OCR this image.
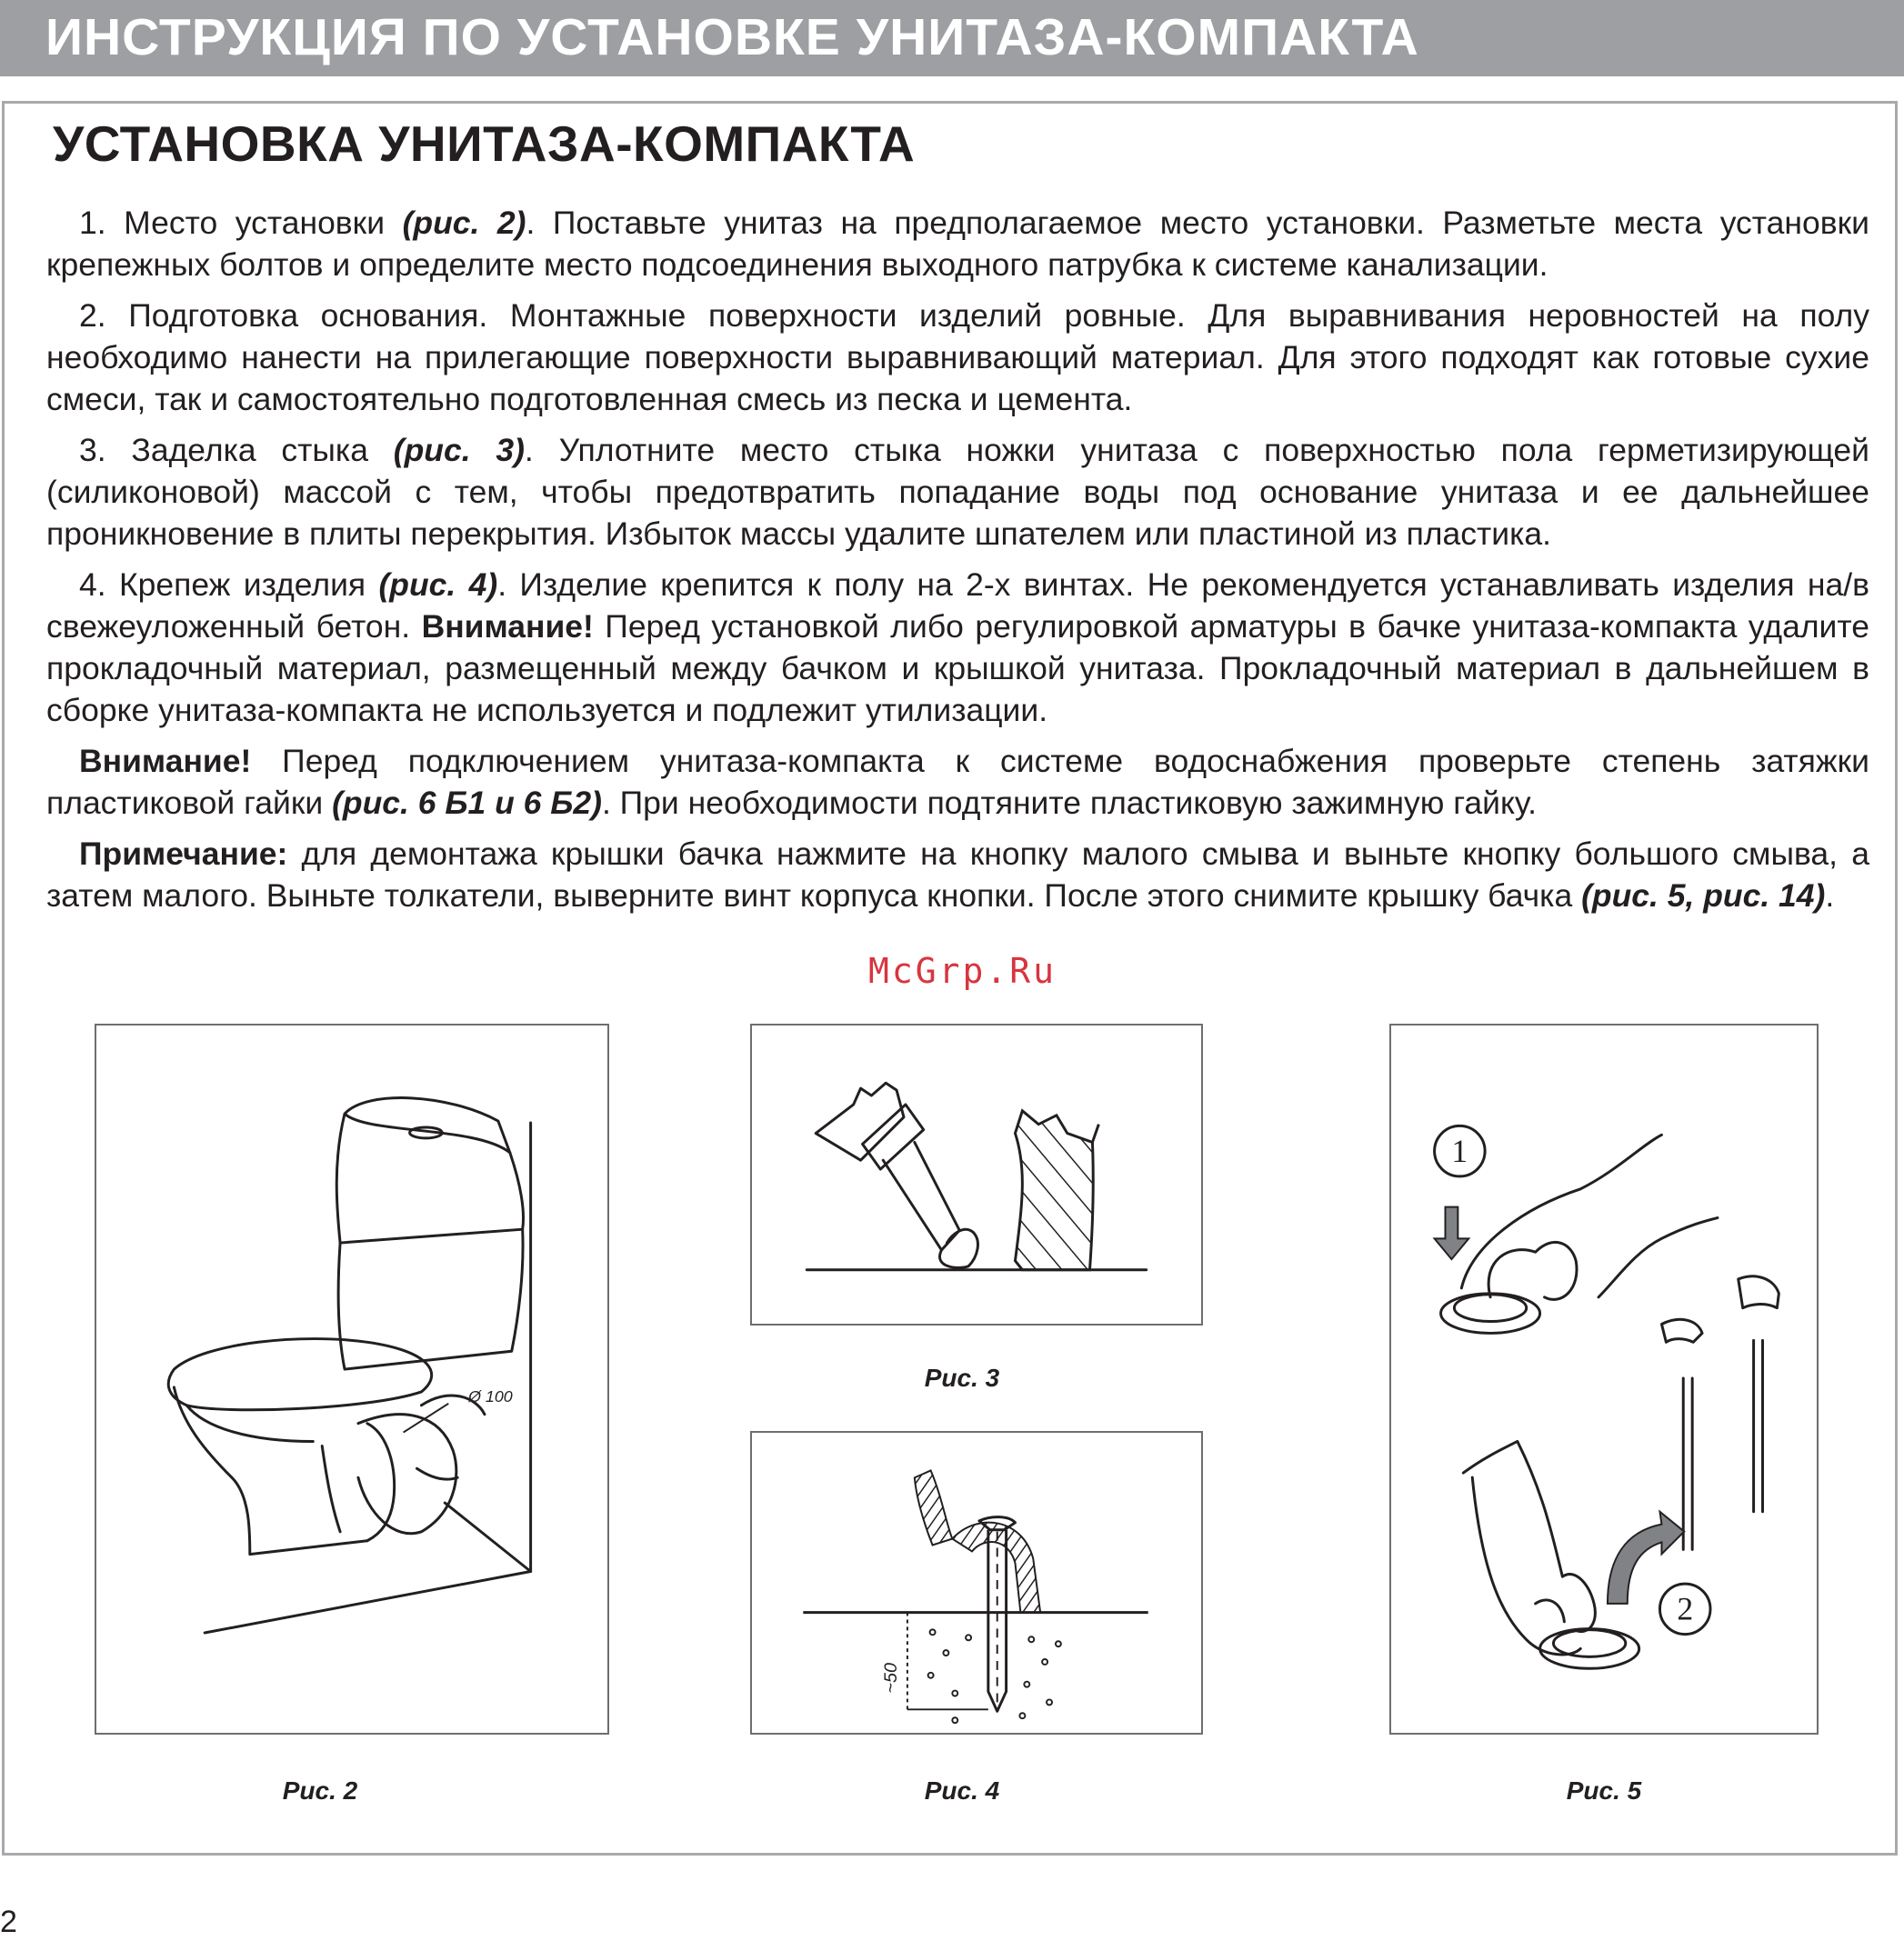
ИНСТРУКЦИЯ ПО УСТАНОВКЕ УНИТАЗА-КОМПАКТА
УСТАНОВКА УНИТАЗА-КОМПАКТА

1. Место установки (рис. 2). Поставьте унитаз на предполагаемое место установки. Разметьте места установки крепежных болтов и определите место подсоединения выходного патрубка к системе канализации.

2. Подготовка основания. Монтажные поверхности изделий ровные. Для выравнивания неровностей на полу необходимо нанести на прилегающие поверхности выравнивающий материал. Для этого подходят как готовые сухие смеси, так и самостоятельно подготовленная смесь из песка и цемента.

3. Заделка стыка (рис. 3). Уплотните место стыка ножки унитаза с поверхностью пола герметизирующей (силиконовой) массой с тем, чтобы предотвратить попадание воды под основание унитаза и ее дальнейшее проникновение в плиты перекрытия. Избыток массы удалите шпателем или пластиной из пластика.

4. Крепеж изделия (рис. 4). Изделие крепится к полу на 2-х винтах. Не рекомендуется устанавливать изделия на/в свежеуложенный бетон. Внимание! Перед установкой либо регулировкой арматуры в бачке унитаза-компакта удалите прокладочный материал, размещенный между бачком и крышкой унитаза. Прокладочный материал в дальнейшем в сборке унитаза-компакта не используется и подлежит утилизации.

Внимание! Перед подключением унитаза-компакта к системе водоснабжения проверьте степень затяжки пластиковой гайки (рис. 6 Б1 и 6 Б2). При необходимости подтяните пластиковую зажимную гайку.

Примечание: для демонтажа крышки бачка нажмите на кнопку малого смыва и выньте кнопку большого смыва, а затем малого. Выньте толкатели, выверните винт корпуса кнопки. После этого снимите крышку бачка (рис. 5, рис. 14).

McGrp.Ru
Ø 100
Рис. 2
Рис. 3
~50
Рис. 4
1
2
Рис. 5
2
